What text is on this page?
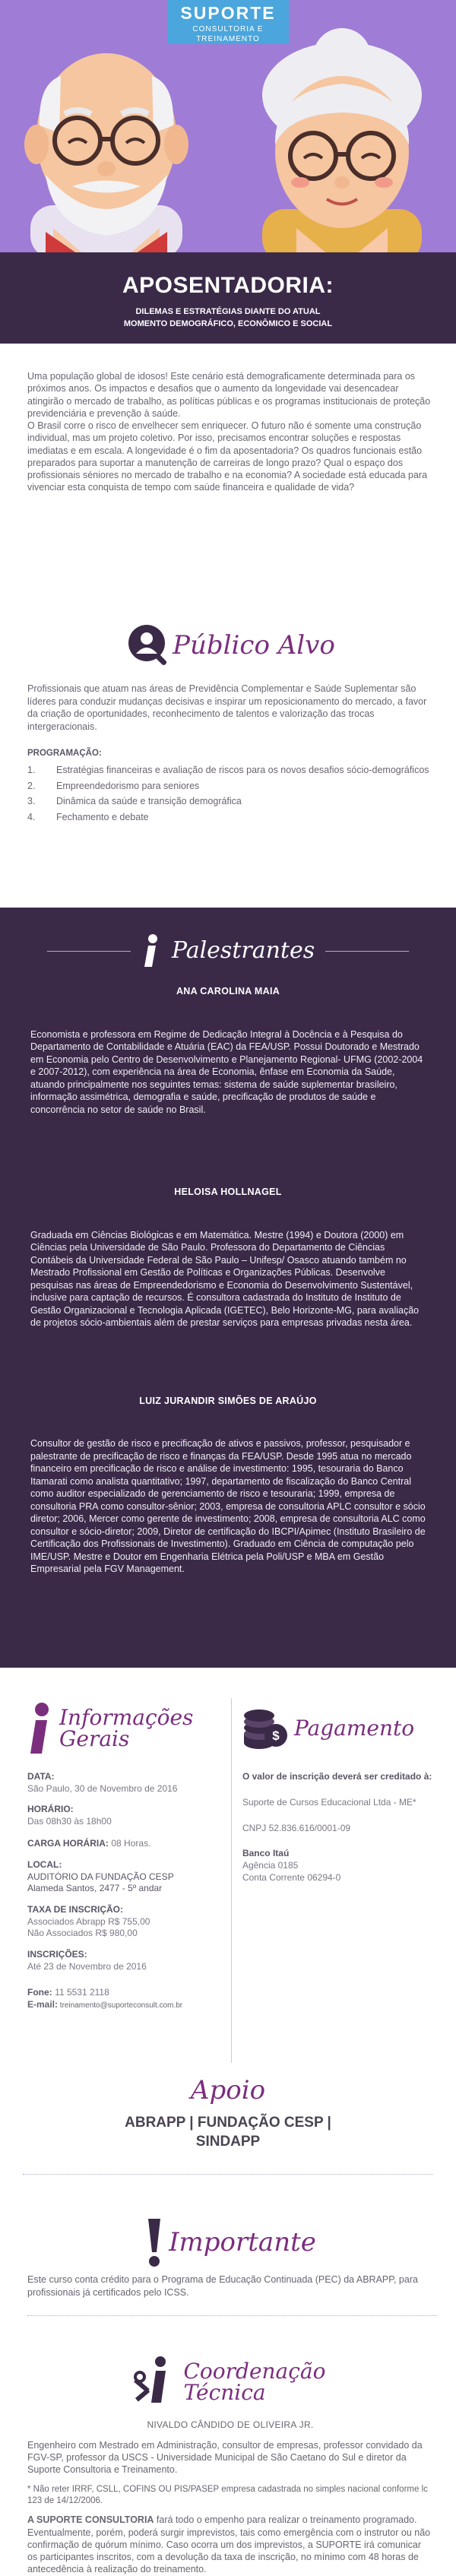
SUPORTE
CONSULTORIA E TREINAMENTO
APOSENTADORIA:
DILEMAS E ESTRATÉGIAS DIANTE DO ATUAL MOMENTO DEMOGRÁFICO, ECONÔMICO E SOCIAL

Uma população global de idosos! Este cenário está demograficamente determinada para os próximos anos. Os impactos e desafios que o aumento da longevidade vai desencadear atingirão o mercado de trabalho, as políticas públicas e os programas institucionais de proteção previdenciária e prevenção à saúde.

O Brasil corre o risco de envelhecer sem enriquecer. O futuro não é somente uma construção individual, mas um projeto coletivo. Por isso, precisamos encontrar soluções e respostas imediatas e em escala. A longevidade é o fim da aposentadoria? Os quadros funcionais estão preparados para suportar a manutenção de carreiras de longo prazo? Qual o espaço dos profissionais séniores no mercado de trabalho e na economia? A sociedade está educada para vivenciar esta conquista de tempo com saúde financeira e qualidade de vida?

Público Alvo

Profissionais que atuam nas áreas de Previdência Complementar e Saúde Suplementar são líderes para conduzir mudanças decisivas e inspirar um reposicionamento do mercado, a favor da criação de oportunidades, reconhecimento de talentos e valorização das trocas intergeracionais.

PROGRAMAÇÃO:
1.	Estratégias financeiras e avaliação de riscos para os novos desafios sócio-demográficos
2.	Empreendedorismo para seniores
3.	Dinâmica da saúde e transição demográfica
4.	Fechamento e debate
Palestrantes
ANA CAROLINA MAIA

Economista e professora em Regime de Dedicação Integral à Docência e à Pesquisa do Departamento de Contabilidade e Atuária (EAC) da FEA/USP. Possui Doutorado e Mestrado em Economia pelo Centro de Desenvolvimento e Planejamento Regional- UFMG (2002-2004 e 2007-2012), com experiência na área de Economia, ênfase em Economia da Saúde, atuando principalmente nos seguintes temas: sistema de saúde suplementar brasileiro, informação assimétrica, demografia e saúde, precificação de produtos de saúde e concorrência no setor de saúde no Brasil.

HELOISA HOLLNAGEL

Graduada em Ciências Biológicas e em Matemática. Mestre (1994) e Doutora (2000) em Ciências pela Universidade de São Paulo. Professora do Departamento de Ciências Contábeis da Universidade Federal de São Paulo – Unifesp/ Osasco atuando também no Mestrado Profissional em Gestão de Políticas e Organizações Públicas. Desenvolve pesquisas nas áreas de Empreendedorismo e Economia do Desenvolvimento Sustentável, inclusive para captação de recursos. É consultora cadastrada do Instituto de Instituto de Gestão Organizacional e Tecnologia Aplicada (IGETEC), Belo Horizonte-MG, para avaliação de projetos sócio-ambientais além de prestar serviços para empresas privadas nesta área.

LUIZ JURANDIR SIMÕES DE ARAÚJO

Consultor de gestão de risco e precificação de ativos e passivos, professor, pesquisador e palestrante de precificação de risco e finanças da FEA/USP. Desde 1995 atua no mercado financeiro em precificação de risco e análise de investimento: 1995, tesouraria do Banco Itamarati como analista quantitativo; 1997, departamento de fiscalização do Banco Central como auditor especializado de gerenciamento de risco e tesouraria; 1999, empresa de consultoria PRA como consultor-sênior; 2003, empresa de consultoria APLC consultor e sócio diretor; 2006, Mercer como gerente de investimento; 2008, empresa de consultoria ALC como consultor e sócio-diretor; 2009, Diretor de certificação do IBCPI/Apimec (Instituto Brasileiro de Certificação dos Profissionais de Investimento). Graduado em Ciência de computação pelo IME/USP. Mestre e Doutor em Engenharia Elétrica pela Poli/USP e MBA em Gestão Empresarial pela FGV Management.

Informações
Gerais
DATA:
São Paulo, 30 de Novembro de 2016
HORÁRIO:
Das 08h30 às 18h00
CARGA HORÁRIA: 08 Horas.
LOCAL:
AUDITÓRIO DA FUNDAÇÃO CESP
Alameda Santos, 2477 - 5º andar
TAXA DE INSCRIÇÃO:
Associados Abrapp R$ 755,00
Não Associados R$ 980,00
INSCRIÇÕES:
Até 23 de Novembro de 2016
Fone: 11 5531 2118
E-mail: treinamento@suporteconsult.com.br
$ Pagamento
O valor de inscrição deverá ser creditado à:
Suporte de Cursos Educacional Ltda - ME*
CNPJ 52.836.616/0001-09
Banco Itaú
Agência 0185
Conta Corrente 06294-0
Apoio
ABRAPP | FUNDAÇÃO CESP |
SINDAPP
Importante

Este curso conta crédito para o Programa de Educação Continuada (PEC) da ABRAPP, para profissionais já certificados pelo ICSS.

Coordenação
Técnica
NIVALDO CÂNDIDO DE OLIVEIRA JR.

Engenheiro com Mestrado em Administração, consultor de empresas, professor convidado da FGV-SP, professor da USCS - Universidade Municipal de São Caetano do Sul e diretor da Suporte Consultoria e Treinamento.

* Não reter IRRF, CSLL, COFINS OU PIS/PASEP empresa cadastrada no simples nacional conforme lc 123 de 14/12/2006.

A SUPORTE CONSULTORIA fará todo o empenho para realizar o treinamento programado. Eventualmente, porém, poderá surgir imprevistos, tais como emergência com o instrutor ou não confirmação de quórum mínimo. Caso ocorra um dos imprevistos, a SUPORTE irá comunicar os participantes inscritos, com a devolução da taxa de inscrição, no mínimo com 48 horas de antecedência à realização do treinamento.
